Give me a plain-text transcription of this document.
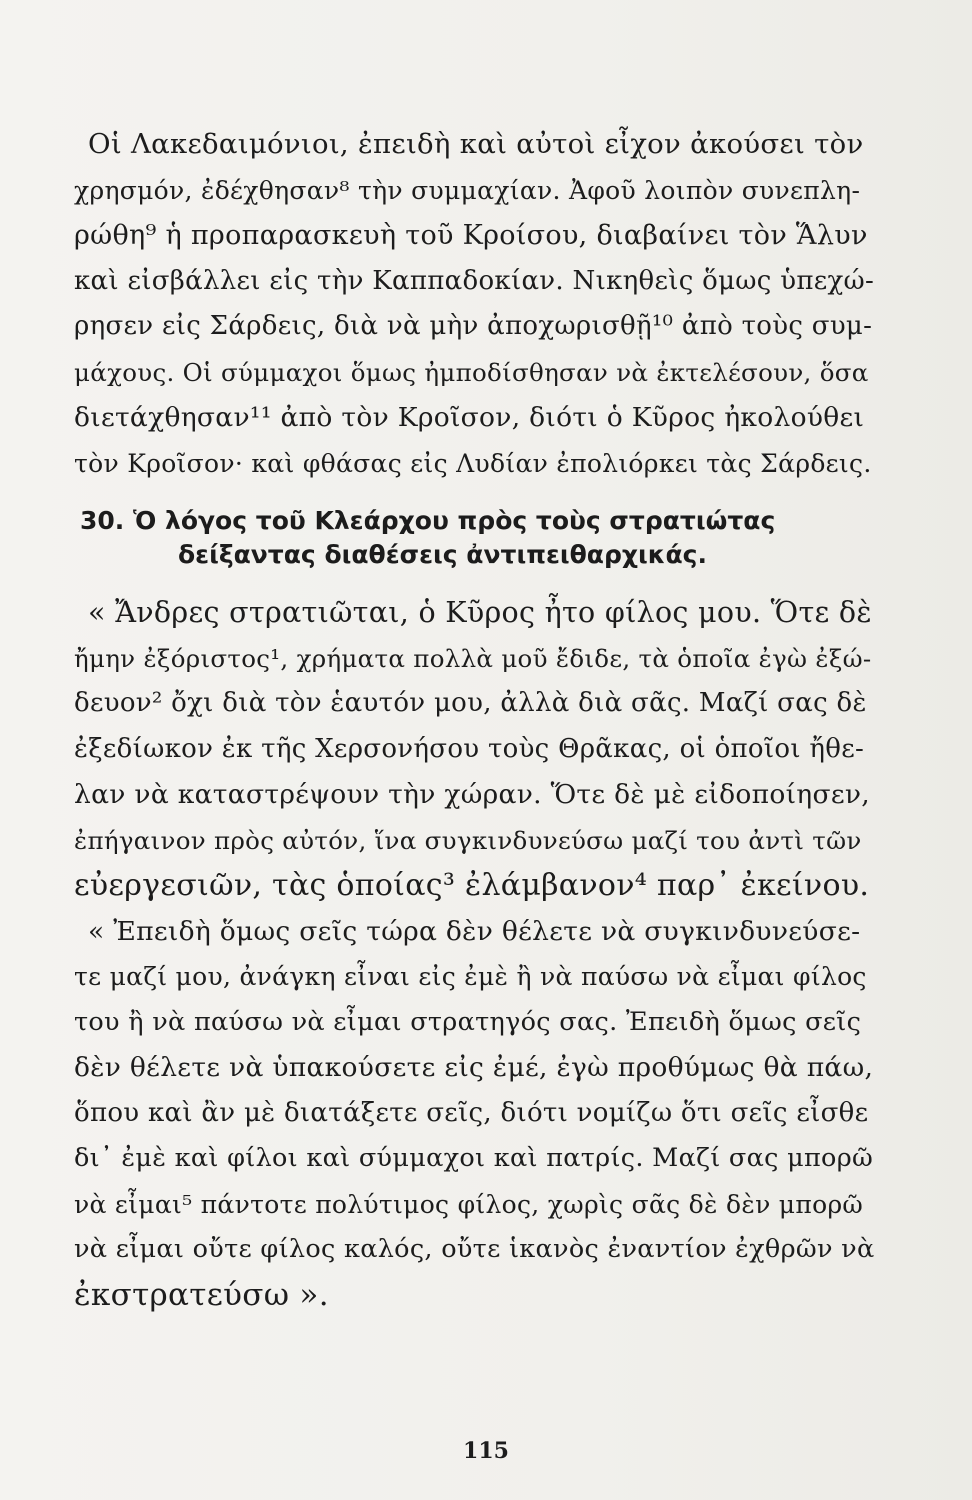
Οἱ Λακεδαιμόνιοι, ἐπειδὴ καὶ αὐτοὶ εἶχον ἀκούσει τὸν
χρησμόν, ἐδέχθησαν⁸ τὴν συμμαχίαν. Ἀφοῦ λοιπὸν συνεπλη-
ρώθη⁹ ἡ προπαρασκευὴ τοῦ Κροίσου, διαβαίνει τὸν Ἅλυν
καὶ εἰσβάλλει εἰς τὴν Καππαδοκίαν. Νικηθεὶς ὅμως ὑπεχώ-
ρησεν εἰς Σάρδεις, διὰ νὰ μὴν ἀποχωρισθῇ¹⁰ ἀπὸ τοὺς συμ-
μάχους. Οἱ σύμμαχοι ὅμως ἠμποδίσθησαν νὰ ἐκτελέσουν, ὅσα
διετάχθησαν¹¹ ἀπὸ τὸν Κροῖσον, διότι ὁ Κῦρος ἠκολούθει
τὸν Κροῖσον· καὶ φθάσας εἰς Λυδίαν ἐπολιόρκει τὰς Σάρδεις.

30. Ὁ λόγος τοῦ Κλεάρχου πρὸς τοὺς στρατιώτας
δείξαντας διαθέσεις ἀντιπειθαρχικάς.

« Ἄνδρες στρατιῶται, ὁ Κῦρος ἦτο φίλος μου. Ὅτε δὲ
ἤμην ἐξόριστος¹, χρήματα πολλὰ μοῦ ἔδιδε, τὰ ὁποῖα ἐγὼ ἐξώ-
δευον² ὄχι διὰ τὸν ἑαυτόν μου, ἀλλὰ διὰ σᾶς. Μαζί σας δὲ
ἐξεδίωκον ἐκ τῆς Χερσονήσου τοὺς Θρᾶκας, οἱ ὁποῖοι ἤθε-
λαν νὰ καταστρέψουν τὴν χώραν. Ὅτε δὲ μὲ εἰδοποίησεν,
ἐπήγαινον πρὸς αὐτόν, ἵνα συγκινδυνεύσω μαζί του ἀντὶ τῶν
εὐεργεσιῶν, τὰς ὁποίας³ ἐλάμβανον⁴ παρ᾽ ἐκείνου.

« Ἐπειδὴ ὅμως σεῖς τώρα δὲν θέλετε νὰ συγκινδυνεύσε-
τε μαζί μου, ἀνάγκη εἶναι εἰς ἐμὲ ἢ νὰ παύσω νὰ εἶμαι φίλος
του ἢ νὰ παύσω νὰ εἶμαι στρατηγός σας. Ἐπειδὴ ὅμως σεῖς
δὲν θέλετε νὰ ὑπακούσετε εἰς ἐμέ, ἐγὼ προθύμως θὰ πάω,
ὅπου καὶ ἂν μὲ διατάξετε σεῖς, διότι νομίζω ὅτι σεῖς εἶσθε
δι᾽ ἐμὲ καὶ φίλοι καὶ σύμμαχοι καὶ πατρίς. Μαζί σας μπορῶ
νὰ εἶμαι⁵ πάντοτε πολύτιμος φίλος, χωρὶς σᾶς δὲ δὲν μπορῶ
νὰ εἶμαι οὔτε φίλος καλός, οὔτε ἱκανὸς ἐναντίον ἐχθρῶν νὰ
ἐκστρατεύσω ».

115
